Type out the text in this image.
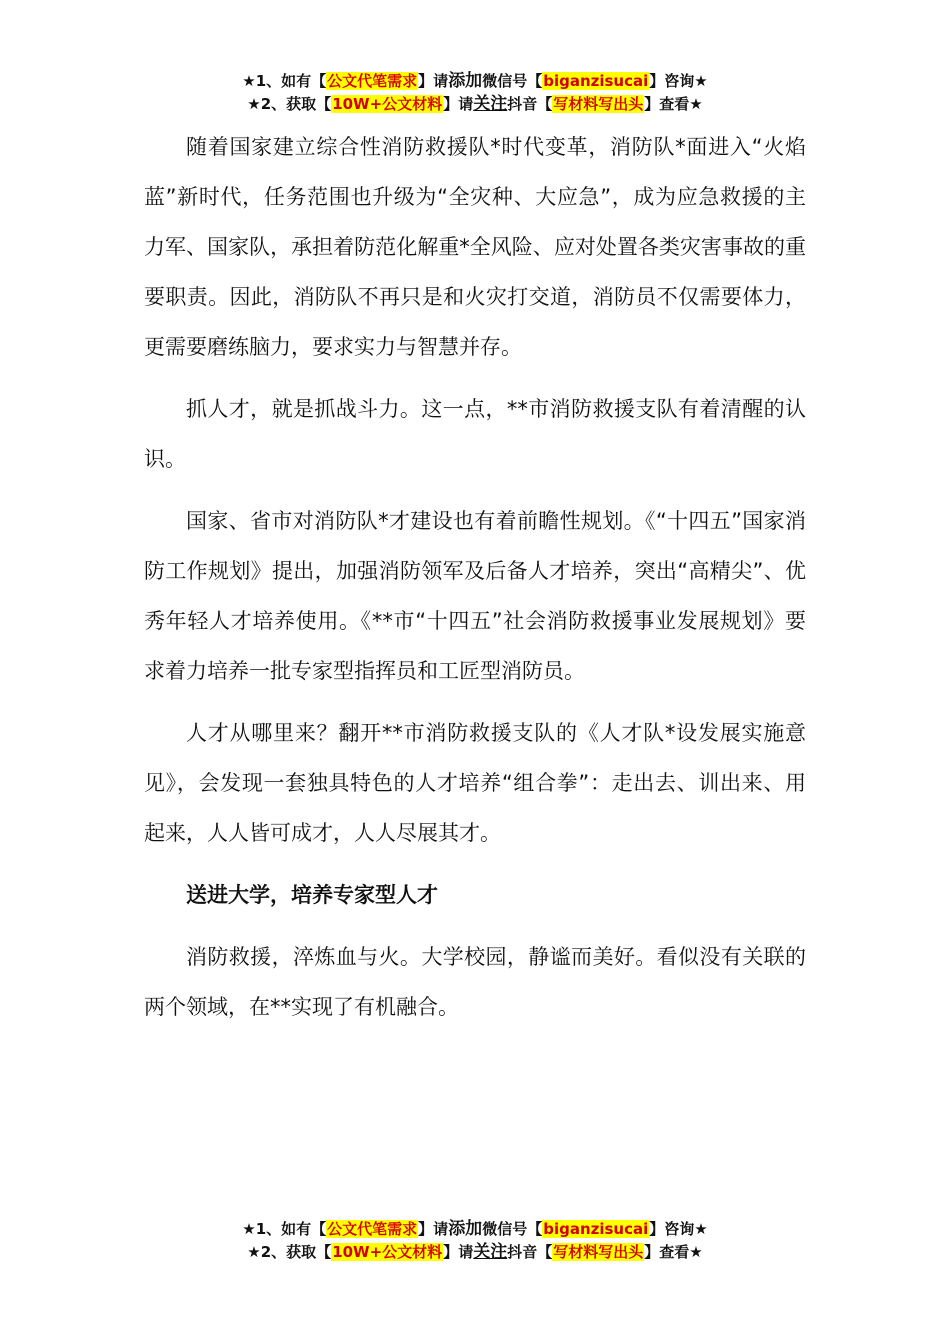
★1、如有【公文代笔需求】请添加微信号【biganzisucai】咨询★
★2、获取【10W+公文材料】请关注抖音【写材料写出头】查看★

随着国家建立综合性消防救援队*时代变革，消防队*面进入“火焰蓝”新时代，任务范围也升级为“全灾种、大应急”，成为应急救援的主力军、国家队，承担着防范化解重*全风险、应对处置各类灾害事故的重要职责。因此，消防队不再只是和火灾打交道，消防员不仅需要体力，更需要磨练脑力，要求实力与智慧并存。

抓人才，就是抓战斗力。这一点，**市消防救援支队有着清醒的认识。

国家、省市对消防队*才建设也有着前瞻性规划。《“十四五”国家消防工作规划》提出，加强消防领军及后备人才培养，突出“高精尖”、优秀年轻人才培养使用。《**市“十四五”社会消防救援事业发展规划》要求着力培养一批专家型指挥员和工匠型消防员。

人才从哪里来？翻开**市消防救援支队的《人才队*设发展实施意见》，会发现一套独具特色的人才培养“组合拳”：走出去、训出来、用起来，人人皆可成才，人人尽展其才。

送进大学，培养专家型人才

消防救援，淬炼血与火。大学校园，静谧而美好。看似没有关联的两个领域，在**实现了有机融合。

★1、如有【公文代笔需求】请添加微信号【biganzisucai】咨询★
★2、获取【10W+公文材料】请关注抖音【写材料写出头】查看★
